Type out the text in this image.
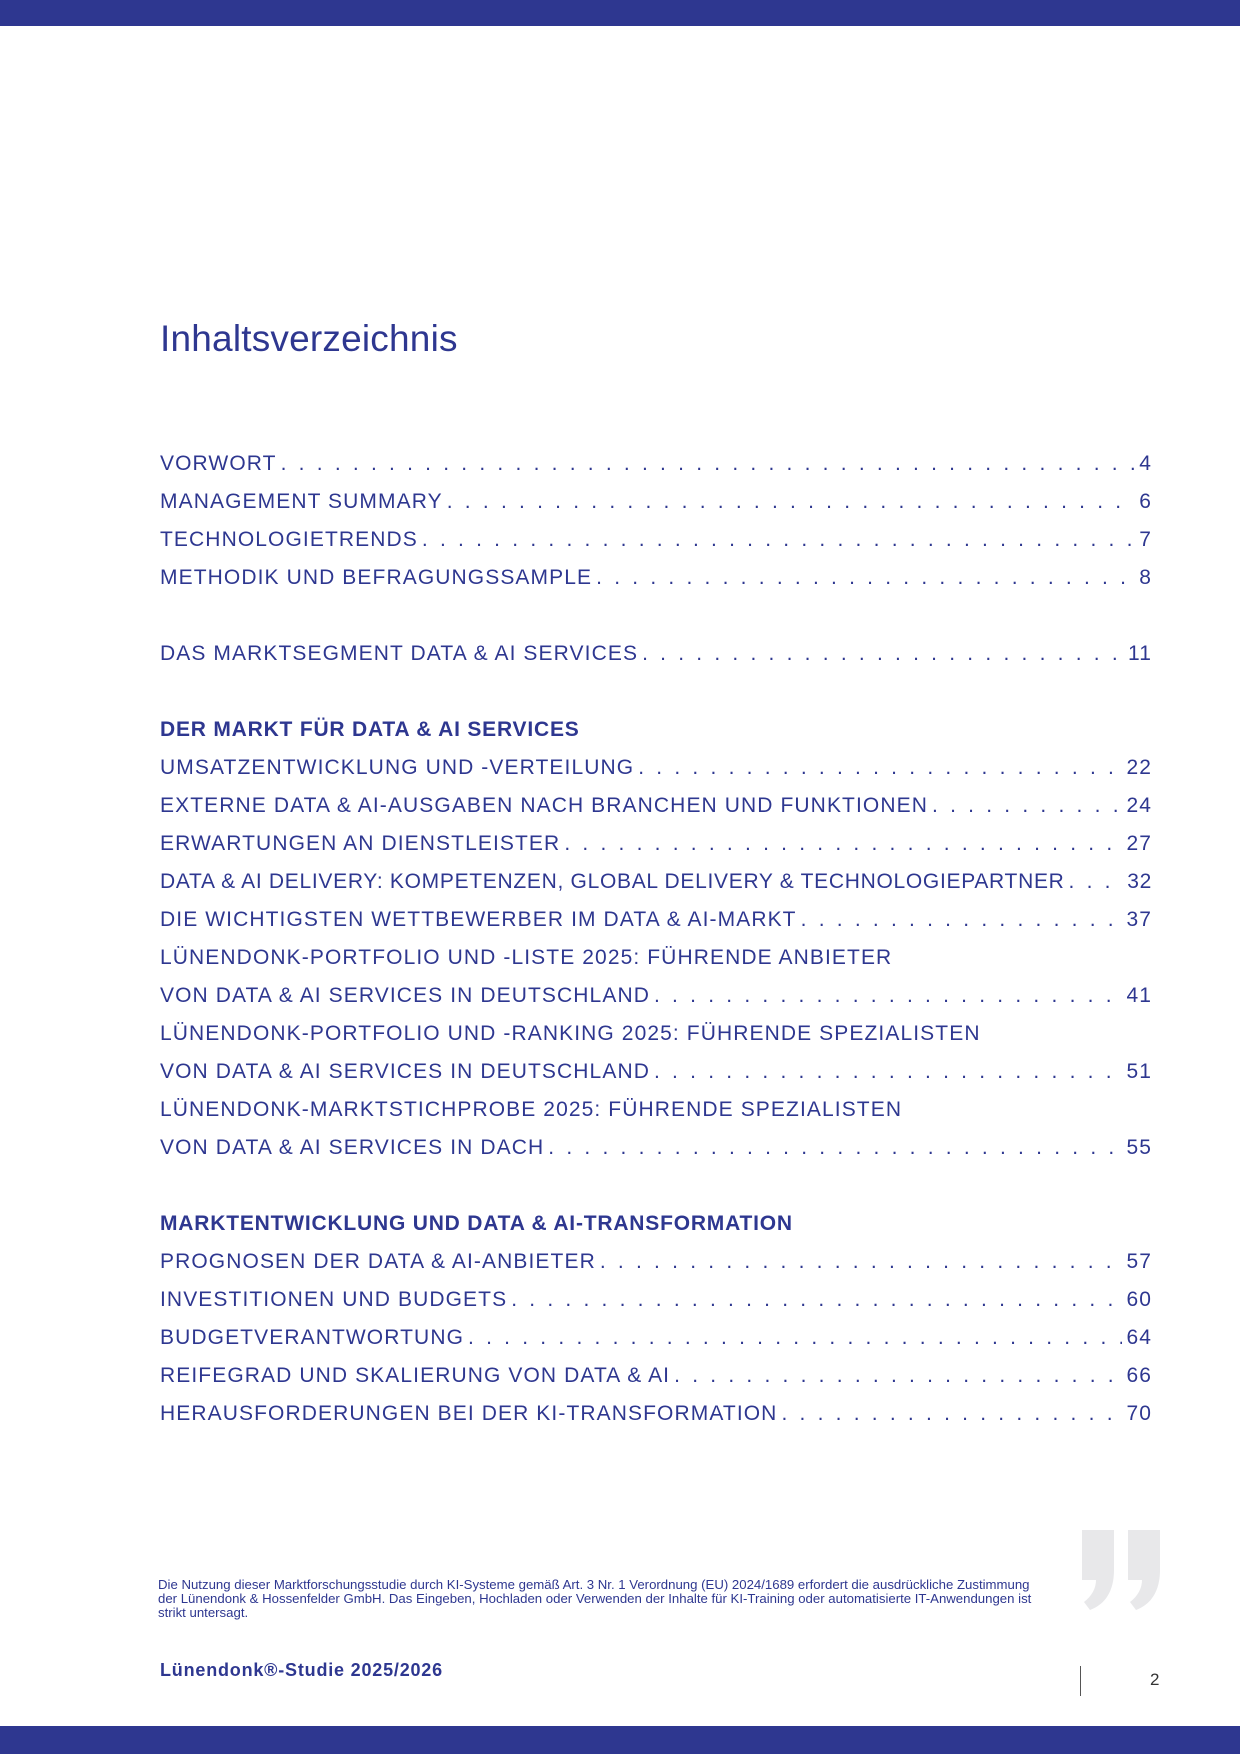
Inhaltsverzeichnis
VORWORT . . .	4
MANAGEMENT SUMMARY . . .	6
TECHNOLOGIETRENDS . . .	7
METHODIK UND BEFRAGUNGSSAMPLE . . .	8
DAS MARKTSEGMENT DATA & AI SERVICES . . .	11
DER MARKT FÜR DATA & AI SERVICES
UMSATZENTWICKLUNG UND -VERTEILUNG . . .	22
EXTERNE DATA & AI-AUSGABEN NACH BRANCHEN UND FUNKTIONEN . . .	24
ERWARTUNGEN AN DIENSTLEISTER . . .	27
DATA & AI DELIVERY: KOMPETENZEN, GLOBAL DELIVERY & TECHNOLOGIEPARTNER . . .	32
DIE WICHTIGSTEN WETTBEWERBER IM DATA & AI-MARKT . . .	37
LÜNENDONK-PORTFOLIO UND -LISTE 2025: FÜHRENDE ANBIETER
VON DATA & AI SERVICES IN DEUTSCHLAND . . .	41
LÜNENDONK-PORTFOLIO UND -RANKING 2025: FÜHRENDE SPEZIALISTEN
VON DATA & AI SERVICES IN DEUTSCHLAND . . .	51
LÜNENDONK-MARKTSTICHPROBE 2025: FÜHRENDE SPEZIALISTEN
VON DATA & AI SERVICES IN DACH . . .	55
MARKTENTWICKLUNG UND DATA & AI-TRANSFORMATION
PROGNOSEN DER DATA & AI-ANBIETER . . .	57
INVESTITIONEN UND BUDGETS . . .	60
BUDGETVERANTWORTUNG . . .	64
REIFEGRAD UND SKALIERUNG VON DATA & AI . . .	66
HERAUSFORDERUNGEN BEI DER KI-TRANSFORMATION . . .	70

Die Nutzung dieser Marktforschungsstudie durch KI-Systeme gemäß Art. 3 Nr. 1 Verordnung (EU) 2024/1689 erfordert die ausdrückliche Zustimmung der Lünendonk & Hossenfelder GmbH. Das Eingeben, Hochladen oder Verwenden der Inhalte für KI-Training oder automatisierte IT-Anwendungen ist strikt untersagt.

Lünendonk®-Studie 2025/2026	2
